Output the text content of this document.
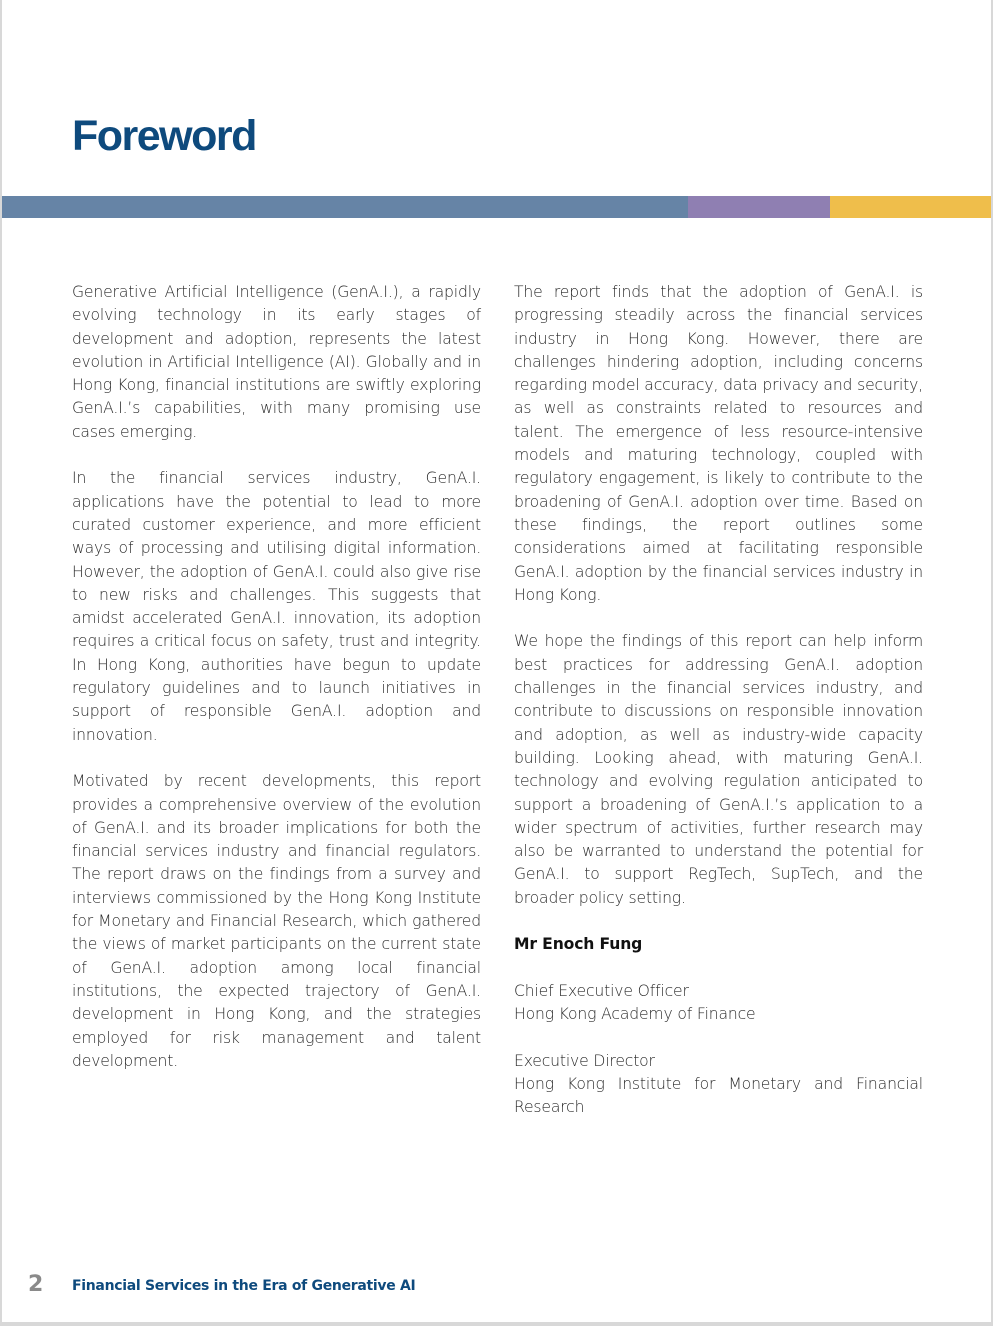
Foreword

Generative Artificial Intelligence (GenA.I.), a rapidly evolving technology in its early stages of development and adoption, represents the latest evolution in Artificial Intelligence (AI). Globally and in Hong Kong, financial institutions are swiftly exploring GenA.I.’s capabilities, with many promising use cases emerging.

In the financial services industry, GenA.I. applications have the potential to lead to more curated customer experience, and more efficient ways of processing and utilising digital information. However, the adoption of GenA.I. could also give rise to new risks and challenges. This suggests that amidst accelerated GenA.I. innovation, its adoption requires a critical focus on safety, trust and integrity. In Hong Kong, authorities have begun to update regulatory guidelines and to launch initiatives in support of responsible GenA.I. adoption and innovation.

Motivated by recent developments, this report provides a comprehensive overview of the evolution of GenA.I. and its broader implications for both the financial services industry and financial regulators. The report draws on the findings from a survey and interviews commissioned by the Hong Kong Institute for Monetary and Financial Research, which gathered the views of market participants on the current state of GenA.I. adoption among local financial institutions, the expected trajectory of GenA.I. development in Hong Kong, and the strategies employed for risk management and talent development.

The report finds that the adoption of GenA.I. is progressing steadily across the financial services industry in Hong Kong. However, there are challenges hindering adoption, including concerns regarding model accuracy, data privacy and security, as well as constraints related to resources and talent. The emergence of less resource-intensive models and maturing technology, coupled with regulatory engagement, is likely to contribute to the broadening of GenA.I. adoption over time. Based on these findings, the report outlines some considerations aimed at facilitating responsible GenA.I. adoption by the financial services industry in Hong Kong.

We hope the findings of this report can help inform best practices for addressing GenA.I. adoption challenges in the financial services industry, and contribute to discussions on responsible innovation and adoption, as well as industry-wide capacity building. Looking ahead, with maturing GenA.I. technology and evolving regulation anticipated to support a broadening of GenA.I.’s application to a wider spectrum of activities, further research may also be warranted to understand the potential for GenA.I. to support RegTech, SupTech, and the broader policy setting.

Mr Enoch Fung

Chief Executive Officer
Hong Kong Academy of Finance

Executive Director
Hong Kong Institute for Monetary and Financial Research

2 Financial Services in the Era of Generative AI
